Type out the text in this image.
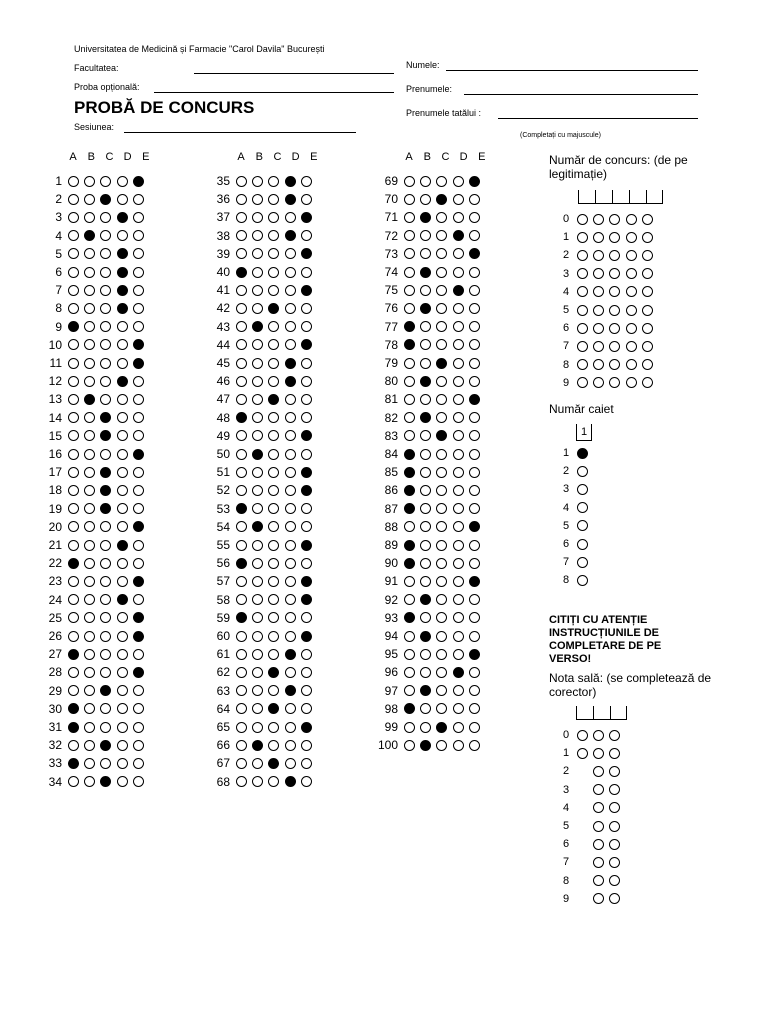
Universitatea de Medicină și Farmacie "Carol Davila" București
Facultatea:
Proba opțională:
PROBĂ DE CONCURS
Sesiunea:
Numele:
Prenumele:
(Completați cu majuscule)
A B C D E
1
2
3
4
5
6
7
8
9
10
11
12
13
14
15
16
17
18
19
20
21
22
23
24
25
26
27
28
29
30
31
32
33
34
A B C D E
35
36
37
38
39
40
41
42
43
44
45
46
47
48
49
50
51
52
53
54
55
56
57
58
59
60
61
62
63
64
65
66
67
68
A B C D E
69
70
71
72
73
74
75
76
77
78
79
80
81
82
83
84
85
86
87
88
89
90
91
92
93
94
95
96
97
98
99
100
Număr de concurs: (de pe legitimație)
0
1
2
3
4
5
6
7
8
9
Număr caiet
1
1
2
3
4
5
6
7
8
CITIȚI CU ATENȚIE INSTRUCȚIUNILE DE COMPLETARE DE PE VERSO!
Nota sală: (se completează de corector)
0
1
2
3
4
5
6
7
8
9
Prenumele tatălui :
